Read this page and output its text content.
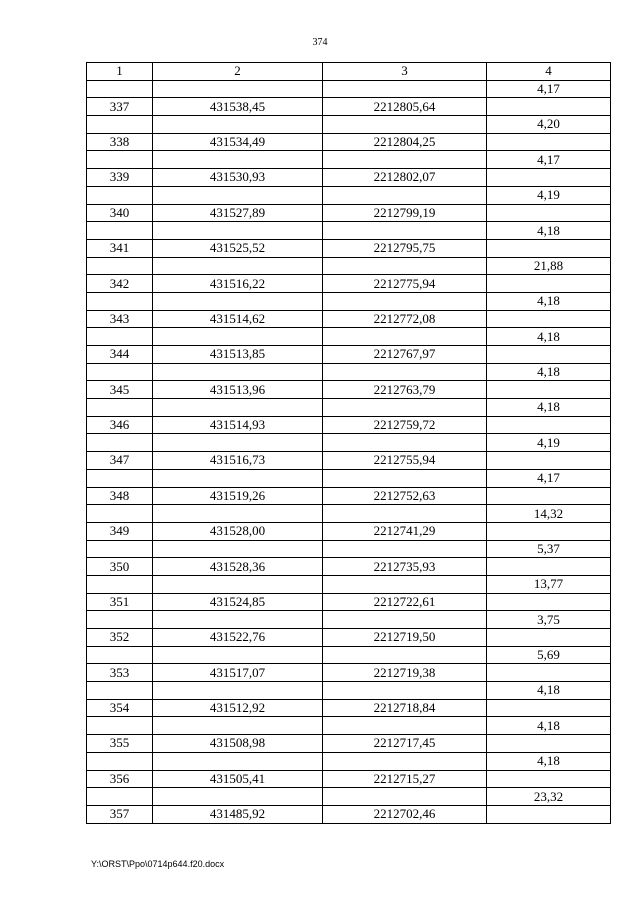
374
1	2	3	4
			4,17
337	431538,45	2212805,64	
			4,20
338	431534,49	2212804,25	
			4,17
339	431530,93	2212802,07	
			4,19
340	431527,89	2212799,19	
			4,18
341	431525,52	2212795,75	
			21,88
342	431516,22	2212775,94	
			4,18
343	431514,62	2212772,08	
			4,18
344	431513,85	2212767,97	
			4,18
345	431513,96	2212763,79	
			4,18
346	431514,93	2212759,72	
			4,19
347	431516,73	2212755,94	
			4,17
348	431519,26	2212752,63	
			14,32
349	431528,00	2212741,29	
			5,37
350	431528,36	2212735,93	
			13,77
351	431524,85	2212722,61	
			3,75
352	431522,76	2212719,50	
			5,69
353	431517,07	2212719,38	
			4,18
354	431512,92	2212718,84	
			4,18
355	431508,98	2212717,45	
			4,18
356	431505,41	2212715,27	
			23,32
357	431485,92	2212702,46	
Y:\ORST\Ppo\0714p644.f20.docx
